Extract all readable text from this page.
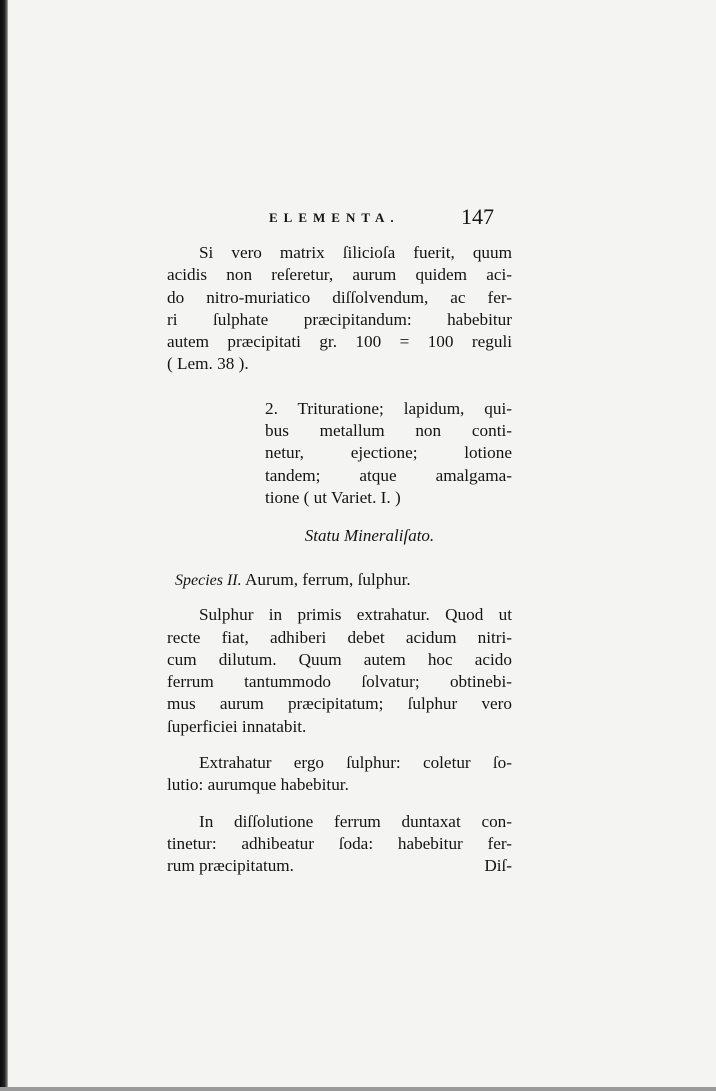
ELEMENTA.	147

Si vero matrix ſilicioſa fuerit, quum
acidis non reſeretur, aurum quidem aci-
do nitro-muriatico diſſolvendum, ac fer-
ri ſulphate præcipitandum: habebitur
autem præcipitati gr. 100 = 100 reguli
( Lem. 38 ).

2. Trituratione; lapidum, qui-
bus metallum non conti-
netur, ejectione; lotione
tandem; atque amalgama-
tione ( ut Variet. I. )

Statu Mineraliſato.
Species II. Aurum, ferrum, ſulphur.

Sulphur in primis extrahatur. Quod ut
recte fiat, adhiberi debet acidum nitri-
cum dilutum. Quum autem hoc acido
ferrum tantummodo ſolvatur; obtinebi-
mus aurum præcipitatum; ſulphur vero
ſuperficiei innatabit.

Extrahatur ergo ſulphur: coletur ſo-
lutio: aurumque habebitur.

In diſſolutione ferrum duntaxat con-
tinetur: adhibeatur ſoda: habebitur fer-
rum præcipitatum.	Diſ-
